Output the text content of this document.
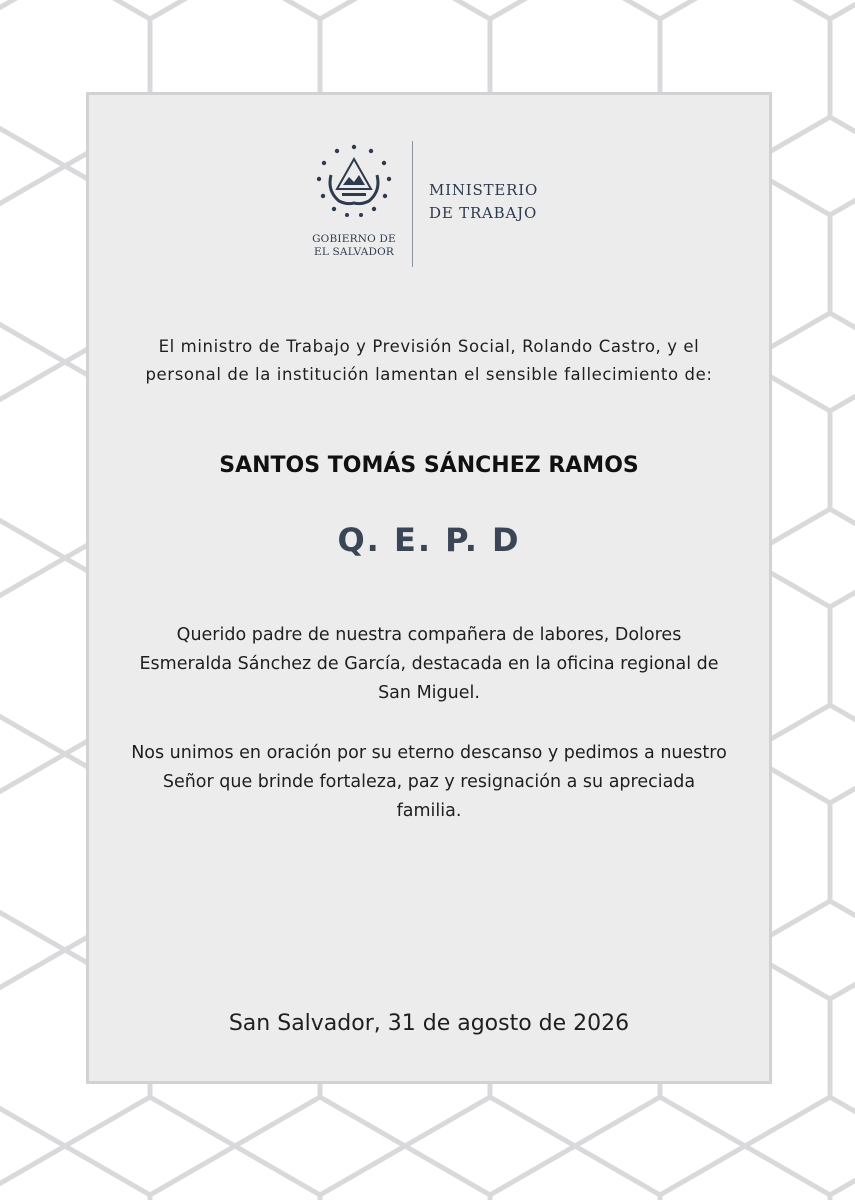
GOBIERNO DE
EL SALVADOR
MINISTERIO
DE TRABAJO
El ministro de Trabajo y Previsión Social, Rolando Castro, y el personal de la institución lamentan el sensible fallecimiento de:
SANTOS TOMÁS SÁNCHEZ RAMOS
Q. E. P. D
Querido padre de nuestra compañera de labores, Dolores Esmeralda Sánchez de García, destacada en la oficina regional de San Miguel.
Nos unimos en oración por su eterno descanso y pedimos a nuestro Señor que brinde fortaleza, paz y resignación a su apreciada familia.
San Salvador, 31 de agosto de 2026
